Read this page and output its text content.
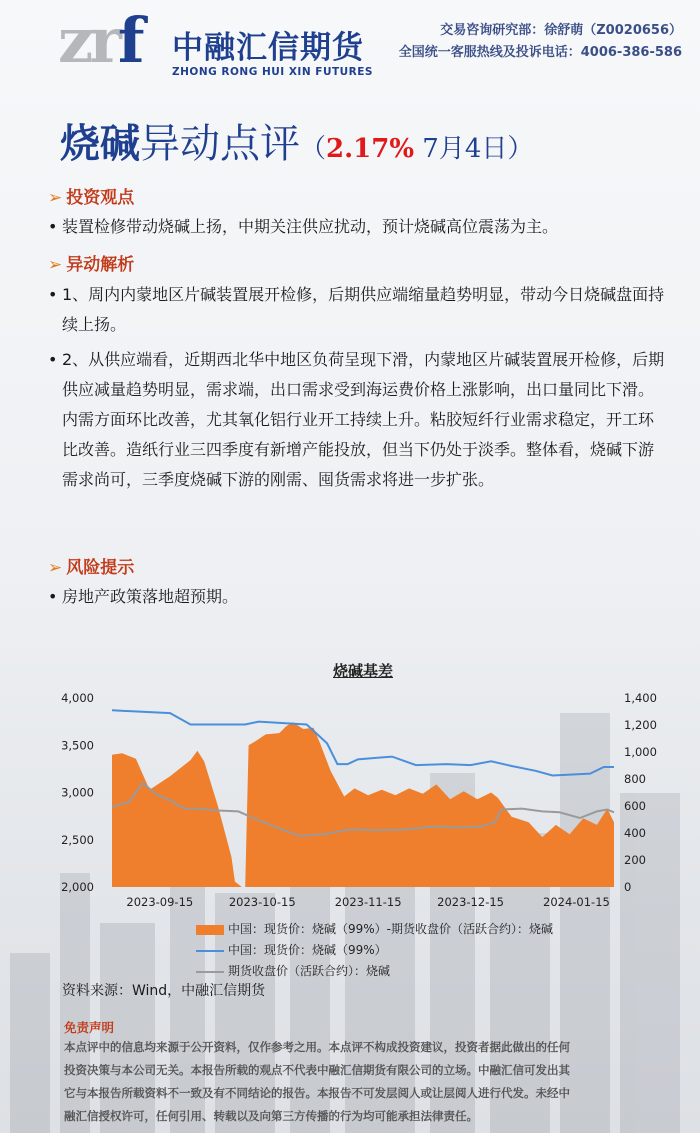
zrf 中融汇信期货
ZHONG RONG HUI XIN FUTURES
交易咨询研究部：徐舒萌（Z0020656）
全国统一客服热线及投诉电话：4006-386-586
烧碱异动点评（2.17% 7月4日）
➢ 投资观点
• 装置检修带动烧碱上扬，中期关注供应扰动，预计烧碱高位震荡为主。
➢ 异动解析
• 1、周内内蒙地区片碱装置展开检修，后期供应端缩量趋势明显，带动今日烧碱盘面持续上扬。
• 2、从供应端看，近期西北华中地区负荷呈现下滑，内蒙地区片碱装置展开检修，后期供应减量趋势明显，需求端，出口需求受到海运费价格上涨影响，出口量同比下滑。内需方面环比改善，尤其氧化铝行业开工持续上升。粘胶短纤行业需求稳定，开工环比改善。造纸行业三四季度有新增产能投放，但当下仍处于淡季。整体看，烧碱下游需求尚可，三季度烧碱下游的刚需、囤货需求将进一步扩张。
➢ 风险提示
• 房地产政策落地超预期。
烧碱基差
2,000
2,500
3,000
3,500
4,000
0
200
400
600
800
1,000
1,200
1,400
2023-09-15	2023-10-15	2023-11-15	2023-12-15	2024-01-15
中国：现货价：烧碱（99%）-期货收盘价（活跃合约）：烧碱
中国：现货价：烧碱（99%）
期货收盘价（活跃合约）：烧碱
资料来源：Wind，中融汇信期货
免责声明
本点评中的信息均来源于公开资料，仅作参考之用。本点评不构成投资建议，投资者据此做出的任何
投资决策与本公司无关。本报告所载的观点不代表中融汇信期货有限公司的立场。中融汇信可发出其
它与本报告所载资料不一致及有不同结论的报告。本报告不可发层阅人或让层阅人进行代发。未经中
融汇信授权许可，任何引用、转载以及向第三方传播的行为均可能承担法律责任。
